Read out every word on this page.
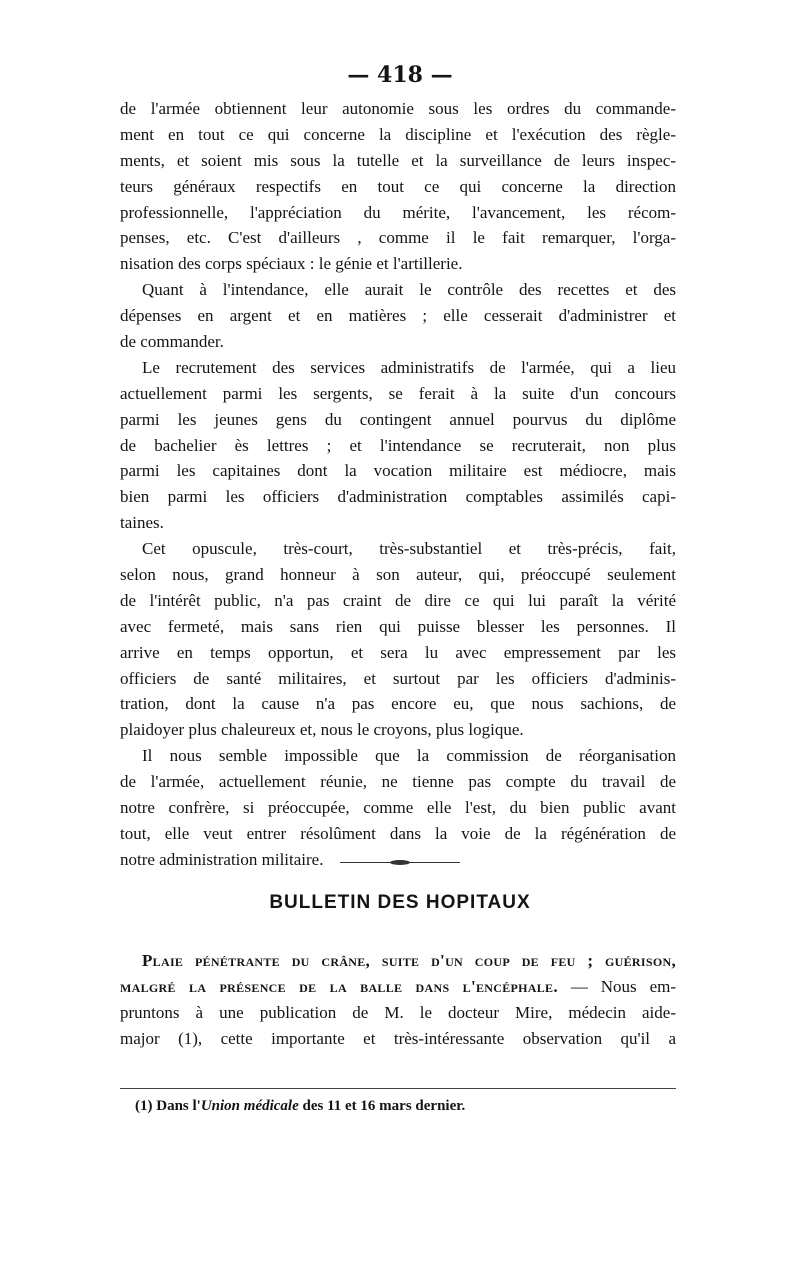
— 418 —
de l'armée obtiennent leur autonomie sous les ordres du commande-
ment en tout ce qui concerne la discipline et l'exécution des règle-
ments, et soient mis sous la tutelle et la surveillance de leurs inspec-
teurs généraux respectifs en tout ce qui concerne la direction
professionnelle, l'appréciation du mérite, l'avancement, les récom-
penses, etc. C'est d'ailleurs , comme il le fait remarquer, l'orga-
nisation des corps spéciaux : le génie et l'artillerie.
Quant à l'intendance, elle aurait le contrôle des recettes et des
dépenses en argent et en matières ; elle cesserait d'administrer et
de commander.
Le recrutement des services administratifs de l'armée, qui a lieu
actuellement parmi les sergents, se ferait à la suite d'un concours
parmi les jeunes gens du contingent annuel pourvus du diplôme
de bachelier ès lettres ; et l'intendance se recruterait, non plus
parmi les capitaines dont la vocation militaire est médiocre, mais
bien parmi les officiers d'administration comptables assimilés capi-
taines.
Cet opuscule, très-court, très-substantiel et très-précis, fait,
selon nous, grand honneur à son auteur, qui, préoccupé seulement
de l'intérêt public, n'a pas craint de dire ce qui lui paraît la vérité
avec fermeté, mais sans rien qui puisse blesser les personnes. Il
arrive en temps opportun, et sera lu avec empressement par les
officiers de santé militaires, et surtout par les officiers d'adminis-
tration, dont la cause n'a pas encore eu, que nous sachions, de
plaidoyer plus chaleureux et, nous le croyons, plus logique.
Il nous semble impossible que la commission de réorganisation
de l'armée, actuellement réunie, ne tienne pas compte du travail de
notre confrère, si préoccupée, comme elle l'est, du bien public avant
tout, elle veut entrer résolûment dans la voie de la régénération de
notre administration militaire.
BULLETIN DES HOPITAUX
Plaie pénétrante du crâne, suite d'un coup de feu ; guérison,
malgré la présence de la balle dans l'encéphale. — Nous em-
pruntons à une publication de M. le docteur Mire, médecin aide-
major (1), cette importante et très-intéressante observation qu'il a
(1) Dans l'Union médicale des 11 et 16 mars dernier.
